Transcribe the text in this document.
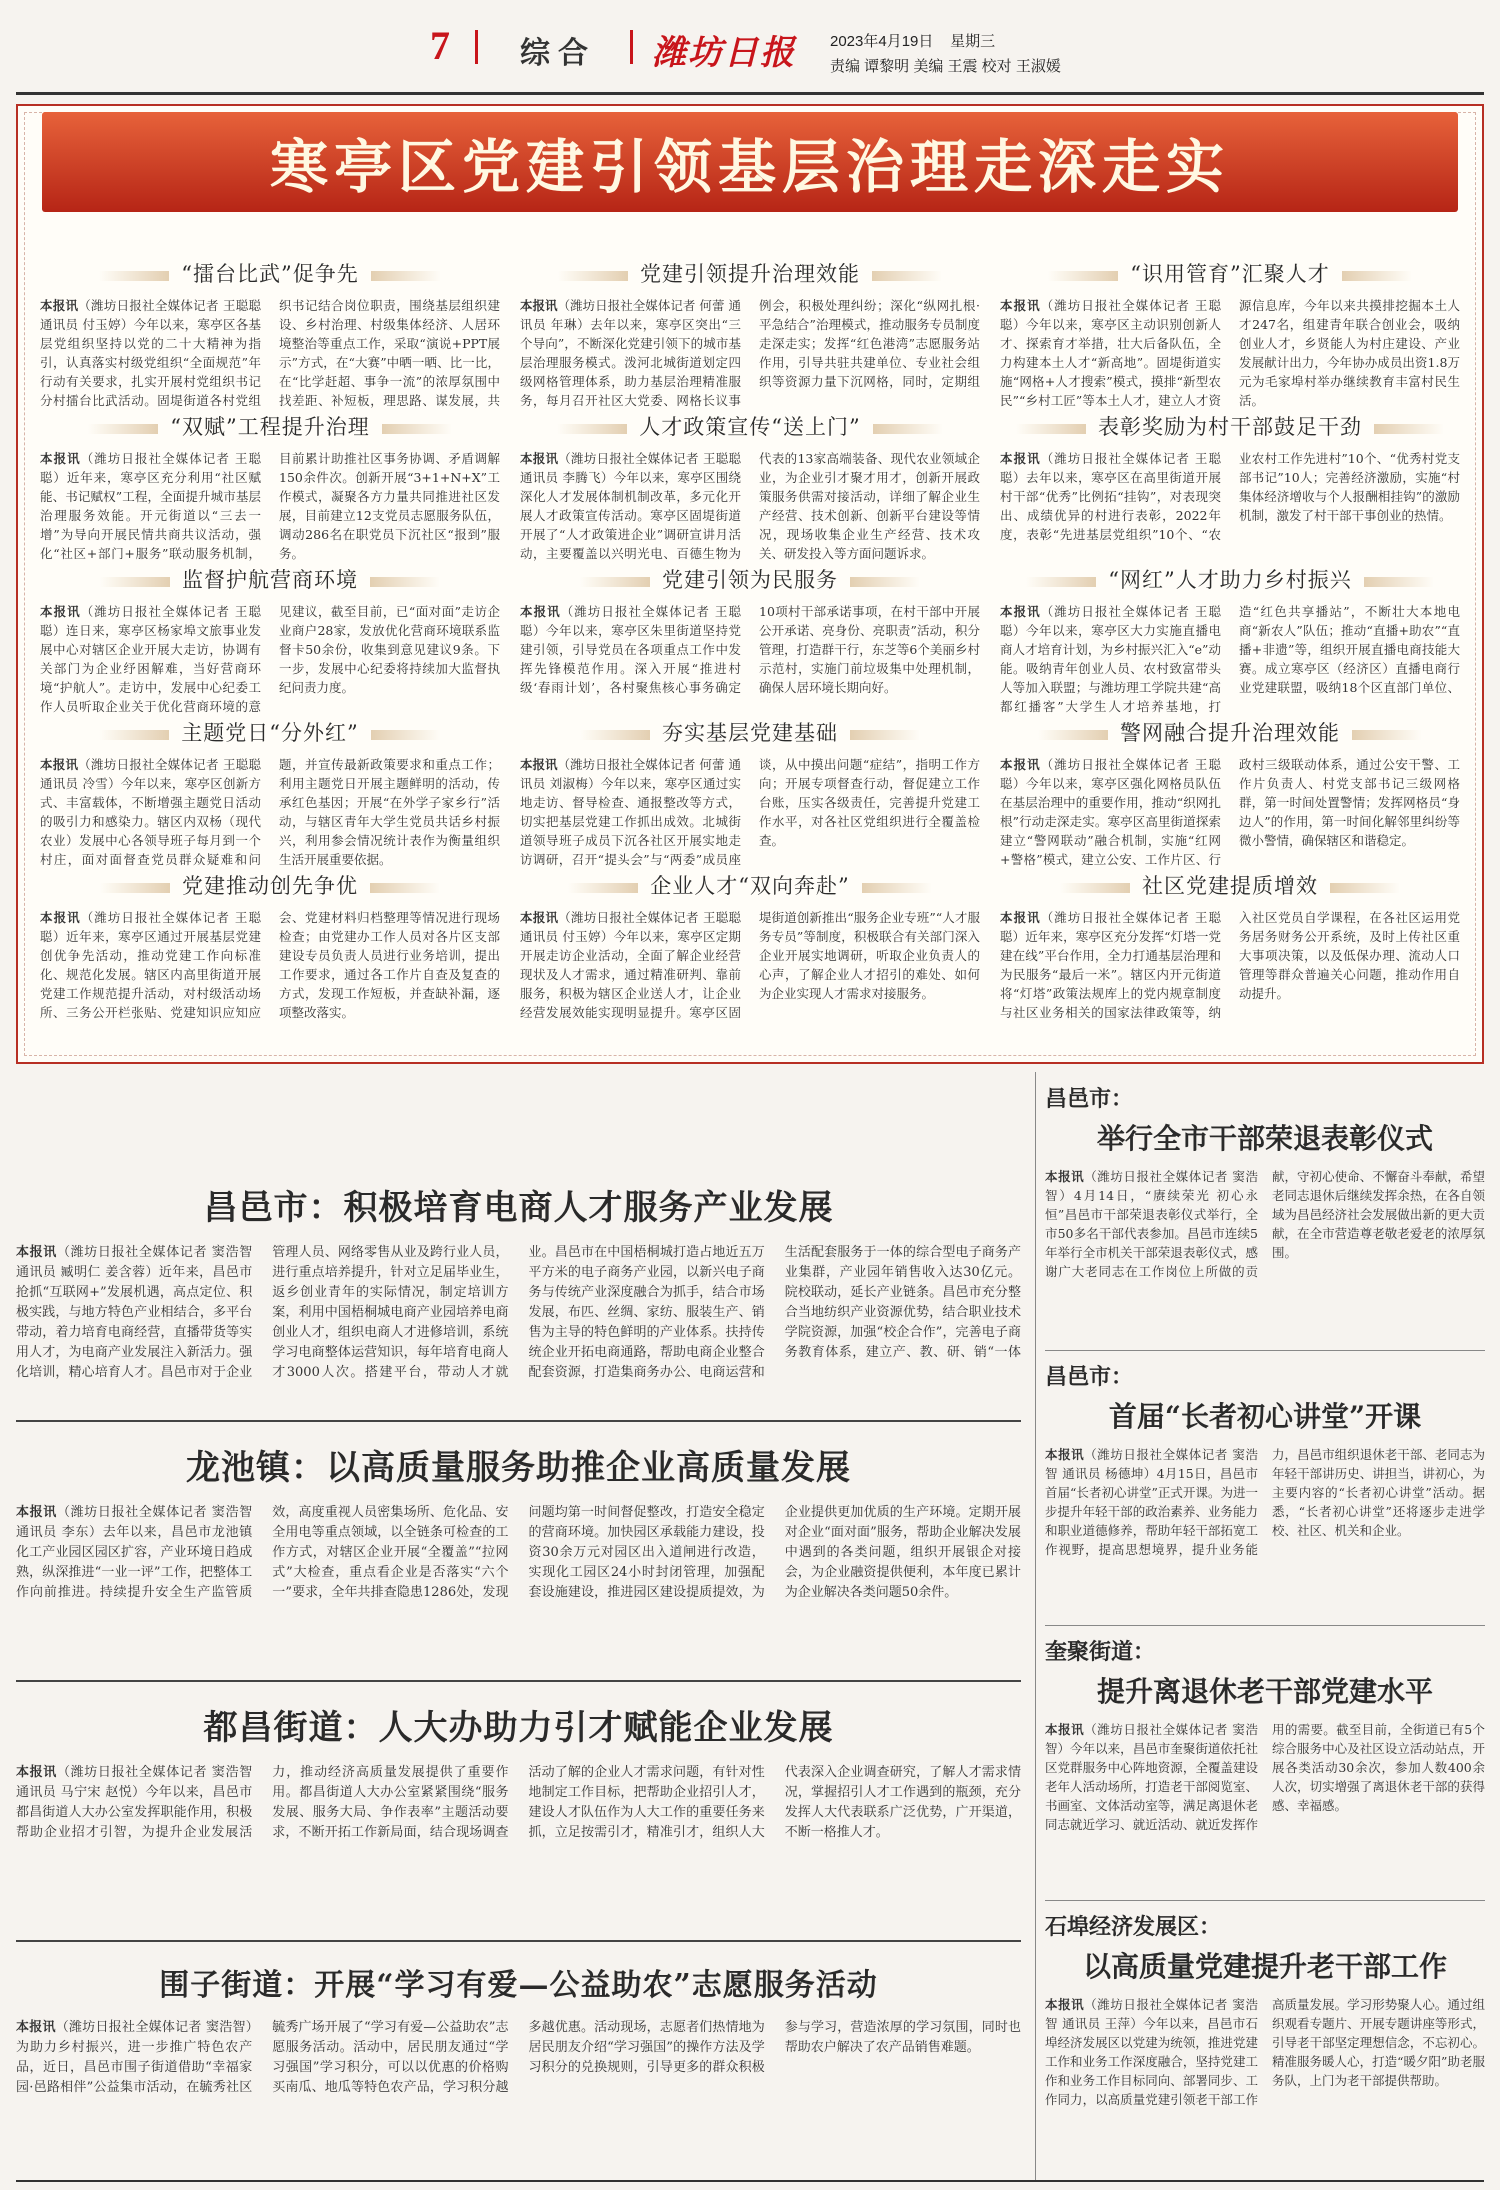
7 综合 潍坊日报 2023年4月19日 星期三
责编 谭黎明 美编 王震 校对 王淑媛
寒亭区党建引领基层治理走深走实
“擂台比武”促争先
本报讯（潍坊日报社全媒体记者 王聪聪 通讯员 付玉婷）今年以来，寒亭区各基层党组织坚持以党的二十大精神为指引，认真落实村级党组织“全面规范”年行动有关要求，扎实开展村党组织书记分村擂台比武活动。固堤街道各村党组织书记结合岗位职责，围绕基层组织建设、乡村治理、村级集体经济、人居环境整治等重点工作，采取“演说+PPT展示”方式，在“大赛”中晒一晒、比一比，在“比学赶超、事争一流”的浓厚氛围中找差距、补短板，理思路、谋发展，共
党建引领提升治理效能
本报讯（潍坊日报社全媒体记者 何蕾 通讯员 年琳）去年以来，寒亭区突出“三个导向”，不断深化党建引领下的城市基层治理服务模式。泼河北城街道划定四级网格管理体系，助力基层治理精准服务，每月召开社区大党委、网格长议事例会，积极处理纠纷；深化“纵网扎根·平急结合”治理模式，推动服务专员制度走深走实；发挥“红色港湾”志愿服务站作用，引导共驻共建单位、专业社会组织等资源力量下沉网格，同时，定期组
“识用管育”汇聚人才
本报讯（潍坊日报社全媒体记者 王聪聪）今年以来，寒亭区主动识别创新人才、探索育才举措，壮大后备队伍，全力构建本土人才“新高地”。固堤街道实施“网格+人才搜索”模式，摸排“新型农民”“乡村工匠”等本土人才，建立人才资源信息库，今年以来共摸排挖掘本土人才247名，组建青年联合创业会，吸纳创业人才，乡贤能人为村庄建设、产业发展献计出力，今年协办成员出资1.8万元为毛家埠村举办继续教育丰富村民生活。
“双赋”工程提升治理
本报讯（潍坊日报社全媒体记者 王聪聪）近年来，寒亭区充分利用“社区赋能、书记赋权”工程，全面提升城市基层治理服务效能。开元街道以“三去一增”为导向开展民情共商共议活动，强化“社区+部门+服务”联动服务机制，目前累计助推社区事务协调、矛盾调解150余件次。创新开展“3+1+N+X”工作模式，凝聚各方力量共同推进社区发展，目前建立12支党员志愿服务队伍，调动286名在职党员下沉社区“报到”服务。
人才政策宣传“送上门”
本报讯（潍坊日报社全媒体记者 王聪聪 通讯员 李腾飞）今年以来，寒亭区围绕深化人才发展体制机制改革，多元化开展人才政策宣传活动。寒亭区固堤街道开展了“人才政策进企业”调研宣讲月活动，主要覆盖以兴明光电、百德生物为代表的13家高端装备、现代农业领域企业，为企业引才聚才用才，创新开展政策服务供需对接活动，详细了解企业生产经营、技术创新、创新平台建设等情况，现场收集企业生产经营、技术攻关、研发投入等方面问题诉求。
表彰奖励为村干部鼓足干劲
本报讯（潍坊日报社全媒体记者 王聪聪）去年以来，寒亭区在高里街道开展村干部“优秀”比例拓“挂钩”，对表现突出、成绩优异的村进行表彰，2022年度，表彰“先进基层党组织”10个、“农业农村工作先进村”10个、“优秀村党支部书记”10人；完善经济激励，实施“村集体经济增收与个人报酬相挂钩”的激励机制，激发了村干部干事创业的热情。
监督护航营商环境
本报讯（潍坊日报社全媒体记者 王聪聪）连日来，寒亭区杨家埠文旅事业发展中心对辖区企业开展大走访，协调有关部门为企业纾困解难，当好营商环境“护航人”。走访中，发展中心纪委工作人员听取企业关于优化营商环境的意见建议，截至目前，已“面对面”走访企业商户28家，发放优化营商环境联系监督卡50余份，收集到意见建议9条。下一步，发展中心纪委将持续加大监督执纪问责力度。
党建引领为民服务
本报讯（潍坊日报社全媒体记者 王聪聪）今年以来，寒亭区朱里街道坚持党建引领，引导党员在各项重点工作中发挥先锋模范作用。深入开展“推进村级‘春雨计划’，各村聚焦核心事务确定10项村干部承诺事项，在村干部中开展公开承诺、亮身份、亮职责”活动，积分管理，打造群干行，东芝等6个美丽乡村示范村，实施门前垃圾集中处理机制，确保人居环境长期向好。
“网红”人才助力乡村振兴
本报讯（潍坊日报社全媒体记者 王聪聪）今年以来，寒亭区大力实施直播电商人才培育计划，为乡村振兴汇入“e”动能。吸纳青年创业人员、农村致富带头人等加入联盟；与潍坊理工学院共建“高都红播客”大学生人才培养基地，打造“红色共享播站”，不断壮大本地电商“新农人”队伍；推动“直播+助农”“直播+非遗”等，组织开展直播电商技能大赛。成立寒亭区（经济区）直播电商行业党建联盟，吸纳18个区直部门单位、
主题党日“分外红”
本报讯（潍坊日报社全媒体记者 王聪聪 通讯员 冷雪）今年以来，寒亭区创新方式、丰富载体，不断增强主题党日活动的吸引力和感染力。辖区内双杨（现代农业）发展中心各领导班子每月到一个村庄，面对面督查党员群众疑难和问题，并宣传最新政策要求和重点工作；利用主题党日开展主题鲜明的活动，传承红色基因；开展“在外学子家乡行”活动，与辖区青年大学生党员共话乡村振兴，利用参会情况统计表作为衡量组织生活开展重要依据。
夯实基层党建基础
本报讯（潍坊日报社全媒体记者 何蕾 通讯员 刘淑梅）今年以来，寒亭区通过实地走访、督导检查、通报整改等方式，切实把基层党建工作抓出成效。北城街道领导班子成员下沉各社区开展实地走访调研，召开“提头会”与“两委”成员座谈，从中摸出问题“症结”，指明工作方向；开展专项督查行动，督促建立工作台账，压实各级责任，完善提升党建工作水平，对各社区党组织进行全覆盖检查。
警网融合提升治理效能
本报讯（潍坊日报社全媒体记者 王聪聪）今年以来，寒亭区强化网格员队伍在基层治理中的重要作用，推动“织网扎根”行动走深走实。寒亭区高里街道探索建立“警网联动”融合机制，实施“红网+警格”模式，建立公安、工作片区、行政村三级联动体系，通过公安干警、工作片负责人、村党支部书记三级网格群，第一时间处置警情；发挥网格员“身边人”的作用，第一时间化解邻里纠纷等微小警情，确保辖区和谐稳定。
党建推动创先争优
本报讯（潍坊日报社全媒体记者 王聪聪）近年来，寒亭区通过开展基层党建创优争先活动，推动党建工作向标准化、规范化发展。辖区内高里街道开展党建工作规范提升活动，对村级活动场所、三务公开栏张贴、党建知识应知应会、党建材料归档整理等情况进行现场检查；由党建办工作人员对各片区支部建设专员负责人员进行业务培训，提出工作要求，通过各工作片自查及复查的方式，发现工作短板，并查缺补漏，逐项整改落实。
企业人才“双向奔赴”
本报讯（潍坊日报社全媒体记者 王聪聪 通讯员 付玉婷）今年以来，寒亭区定期开展走访企业活动，全面了解企业经营现状及人才需求，通过精准研判、靠前服务，积极为辖区企业送人才，让企业经营发展效能实现明显提升。寒亭区固堤街道创新推出“服务企业专班”“人才服务专员”等制度，积极联合有关部门深入企业开展实地调研，听取企业负责人的心声，了解企业人才招引的难处、如何为企业实现人才需求对接服务。
社区党建提质增效
本报讯（潍坊日报社全媒体记者 王聪聪）近年来，寒亭区充分发挥“灯塔一党建在线”平台作用，全力打通基层治理和为民服务“最后一米”。辖区内开元街道将“灯塔”政策法规库上的党内规章制度与社区业务相关的国家法律政策等，纳入社区党员自学课程，在各社区运用党务居务财务公开系统，及时上传社区重大事项决策，以及低保办理、流动人口管理等群众普遍关心问题，推动作用自动提升。
昌邑市：积极培育电商人才服务产业发展
本报讯（潍坊日报社全媒体记者 窦浩智 通讯员 臧明仁 姜含蓉）近年来，昌邑市抢抓“互联网+”发展机遇，高点定位、积极实践，与地方特色产业相结合，多平台带动，着力培育电商经营，直播带货等实用人才，为电商产业发展注入新活力。强化培训，精心培育人才。昌邑市对于企业管理人员、网络零售从业及跨行业人员，进行重点培养提升，针对立足届毕业生，返乡创业青年的实际情况，制定培训方案，利用中国梧桐城电商产业园培养电商创业人才，组织电商人才进修培训，系统学习电商整体运营知识，每年培育电商人才3000人次。搭建平台，带动人才就业。昌邑市在中国梧桐城打造占地近五万平方米的电子商务产业园，以新兴电子商务与传统产业深度融合为抓手，结合市场发展，布匹、丝绸、家纺、服装生产、销售为主导的特色鲜明的产业体系。扶持传统企业开拓电商通路，帮助电商企业整合配套资源，打造集商务办公、电商运营和生活配套服务于一体的综合型电子商务产业集群，产业园年销售收入达30亿元。院校联动，延长产业链条。昌邑市充分整合当地纺织产业资源优势，结合职业技术学院资源，加强“校企合作”，完善电子商务教育体系，建立产、教、研、销“一体
龙池镇：以高质量服务助推企业高质量发展
本报讯（潍坊日报社全媒体记者 窦浩智 通讯员 李东）去年以来，昌邑市龙池镇化工产业园区园区扩容，产业环境日趋成熟，纵深推进“一业一评”工作，把整体工作向前推进。持续提升安全生产监管质效，高度重视人员密集场所、危化品、安全用电等重点领域，以全链条可检查的工作方式，对辖区企业开展“全覆盖”“拉网式”大检查，重点看企业是否落实“六个一”要求，全年共排查隐患1286处，发现问题均第一时间督促整改，打造安全稳定的营商环境。加快园区承载能力建设，投资30余万元对园区出入道闸进行改造，实现化工园区24小时封闭管理，加强配套设施建设，推进园区建设提质提效，为企业提供更加优质的生产环境。定期开展对企业“面对面”服务，帮助企业解决发展中遇到的各类问题，组织开展银企对接会，为企业融资提供便利，本年度已累计为企业解决各类问题50余件。
都昌街道：人大办助力引才赋能企业发展
本报讯（潍坊日报社全媒体记者 窦浩智 通讯员 马宁宋 赵悦）今年以来，昌邑市都昌街道人大办公室发挥职能作用，积极帮助企业招才引智，为提升企业发展活力，推动经济高质量发展提供了重要作用。都昌街道人大办公室紧紧围绕“服务发展、服务大局、争作表率”主题活动要求，不断开拓工作新局面，结合现场调查活动了解的企业人才需求问题，有针对性地制定工作目标，把帮助企业招引人才，建设人才队伍作为人大工作的重要任务来抓，立足按需引才，精准引才，组织人大代表深入企业调查研究，了解人才需求情况，掌握招引人才工作遇到的瓶颈，充分发挥人大代表联系广泛优势，广开渠道，不断一格推人才。
围子街道：开展“学习有爱—公益助农”志愿服务活动
本报讯（潍坊日报社全媒体记者 窦浩智）为助力乡村振兴，进一步推广特色农产品，近日，昌邑市围子街道借助“幸福家园·邑路相伴”公益集市活动，在毓秀社区毓秀广场开展了“学习有爱—公益助农”志愿服务活动。活动中，居民朋友通过“学习强国”学习积分，可以以优惠的价格购买南瓜、地瓜等特色农产品，学习积分越多越优惠。活动现场，志愿者们热情地为居民朋友介绍“学习强国”的操作方法及学习积分的兑换规则，引导更多的群众积极参与学习，营造浓厚的学习氛围，同时也帮助农户解决了农产品销售难题。
昌邑市：
举行全市干部荣退表彰仪式
本报讯（潍坊日报社全媒体记者 窦浩智）4月14日，“赓续荣光 初心永恒”昌邑市干部荣退表彰仪式举行，全市50多名干部代表参加。昌邑市连续5年举行全市机关干部荣退表彰仪式，感谢广大老同志在工作岗位上所做的贡献，守初心使命、不懈奋斗奉献，希望老同志退休后继续发挥余热，在各自领域为昌邑经济社会发展做出新的更大贡献，在全市营造尊老敬老爱老的浓厚氛围。
昌邑市：
首届“长者初心讲堂”开课
本报讯（潍坊日报社全媒体记者 窦浩智 通讯员 杨德坤）4月15日，昌邑市首届“长者初心讲堂”正式开课。为进一步提升年轻干部的政治素养、业务能力和职业道德修养，帮助年轻干部拓宽工作视野，提高思想境界，提升业务能力，昌邑市组织退休老干部、老同志为年轻干部讲历史、讲担当，讲初心，为主要内容的“长者初心讲堂”活动。据悉，“长者初心讲堂”还将逐步走进学校、社区、机关和企业。
奎聚街道：
提升离退休老干部党建水平
本报讯（潍坊日报社全媒体记者 窦浩智）今年以来，昌邑市奎聚街道依托社区党群服务中心阵地资源，全覆盖建设老年人活动场所，打造老干部阅览室、书画室、文体活动室等，满足离退休老同志就近学习、就近活动、就近发挥作用的需要。截至目前，全街道已有5个综合服务中心及社区设立活动站点，开展各类活动30余次，参加人数400余人次，切实增强了离退休老干部的获得感、幸福感。
石埠经济发展区：
以高质量党建提升老干部工作
本报讯（潍坊日报社全媒体记者 窦浩智 通讯员 王萍）今年以来，昌邑市石埠经济发展区以党建为统领，推进党建工作和业务工作深度融合，坚持党建工作和业务工作目标同向、部署同步、工作同力，以高质量党建引领老干部工作高质量发展。学习形势聚人心。通过组织观看专题片、开展专题讲座等形式，引导老干部坚定理想信念，不忘初心。精准服务暖人心，打造“暖夕阳”助老服务队，上门为老干部提供帮助。
